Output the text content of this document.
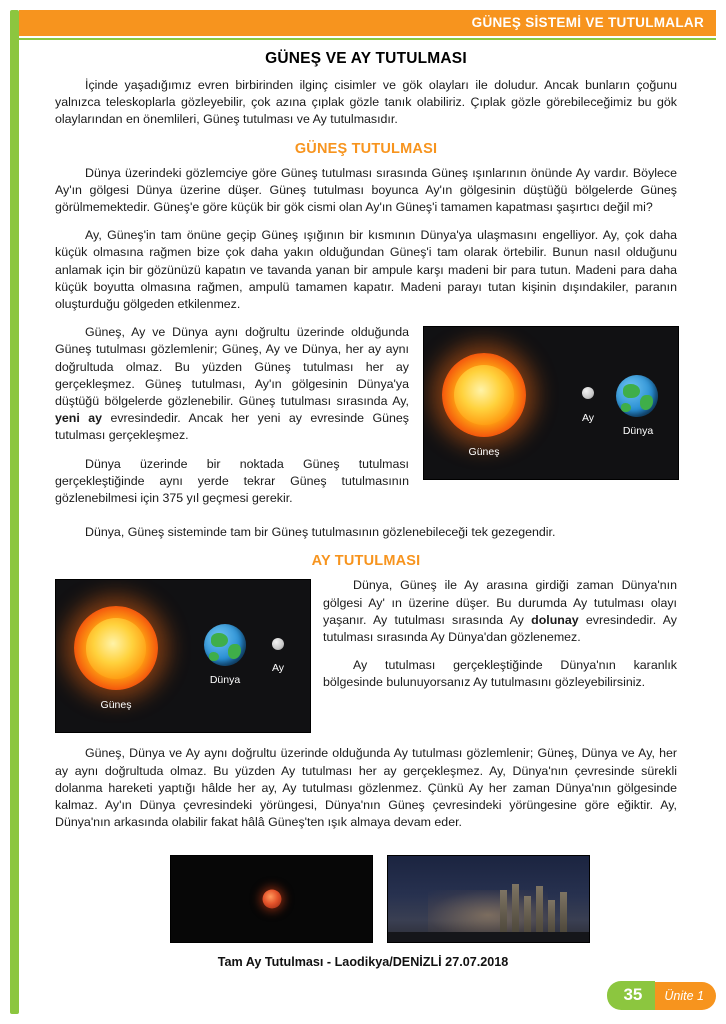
GÜNEŞ SİSTEMİ VE TUTULMALAR
GÜNEŞ VE AY TUTULMASI

İçinde yaşadığımız evren birbirinden ilginç cisimler ve gök olayları ile doludur. Ancak bunların çoğunu yalnızca teleskoplarla gözleyebilir, çok azına çıplak gözle tanık olabiliriz. Çıplak gözle görebileceğimiz bu gök olaylarından en önemlileri, Güneş tutulması ve Ay tutulmasıdır.

GÜNEŞ TUTULMASI

Dünya üzerindeki gözlemciye göre Güneş tutulması sırasında Güneş ışınlarının önünde Ay vardır. Böylece Ay'ın gölgesi Dünya üzerine düşer. Güneş tutulması boyunca Ay'ın gölgesinin düştüğü bölgelerde Güneş görülmemektedir. Güneş'e göre küçük bir gök cismi olan Ay'ın Güneş'i tamamen kapatması şaşırtıcı değil mi?

Ay, Güneş'in tam önüne geçip Güneş ışığının bir kısmının Dünya'ya ulaşmasını engelliyor. Ay, çok daha küçük olmasına rağmen bize çok daha yakın olduğundan Güneş'i tam olarak örtebilir. Bunun nasıl olduğunu anlamak için bir gözünüzü kapatın ve tavanda yanan bir ampule karşı madeni bir para tutun. Madeni para daha küçük boyutta olmasına rağmen, ampulü tamamen kapatır. Madeni parayı tutan kişinin dışındakiler, paranın oluşturduğu gölgeden etkilenmez.

Güneş
Ay
Dünya

Güneş, Ay ve Dünya aynı doğrultu üzerinde olduğunda Güneş tutulması gözlemlenir; Güneş, Ay ve Dünya, her ay aynı doğrultuda olmaz. Bu yüzden Güneş tutulması her ay gerçekleşmez. Güneş tutulması, Ay'ın gölgesinin Dünya'ya düştüğü bölgelerde gözlenebilir. Güneş tutulması sırasında Ay, yeni ay evresindedir. Ancak her yeni ay evresinde Güneş tutulması gerçekleşmez.

Dünya üzerinde bir noktada Güneş tutulması gerçekleştiğinde aynı yerde tekrar Güneş tutulmasının gözlenebilmesi için 375 yıl geçmesi gerekir.

Dünya, Güneş sisteminde tam bir Güneş tutulmasının gözlenebileceği tek gezegendir.

AY TUTULMASI
Güneş
Dünya
Ay

Dünya, Güneş ile Ay arasına girdiği zaman Dünya'nın gölgesi Ay' ın üzerine düşer. Bu durumda Ay tutulması olayı yaşanır. Ay tutulması sırasında Ay dolunay evresindedir. Ay tutulması sırasında Ay Dünya'dan gözlenemez.

Ay tutulması gerçekleştiğinde Dünya'nın karanlık bölgesinde bulunuyorsanız Ay tutulmasını gözleyebilirsiniz.

Güneş, Dünya ve Ay aynı doğrultu üzerinde olduğunda Ay tutulması gözlemlenir; Güneş, Dünya ve Ay, her ay aynı doğrultuda olmaz. Bu yüzden Ay tutulması her ay gerçekleşmez. Ay, Dünya'nın çevresinde sürekli dolanma hareketi yaptığı hâlde her ay, Ay tutulması gözlenmez. Çünkü Ay her zaman Dünya'nın gölgesinde kalmaz. Ay'ın Dünya çevresindeki yörüngesi, Dünya'nın Güneş çevresindeki yörüngesine göre eğiktir. Ay, Dünya'nın arkasında olabilir fakat hâlâ Güneş'ten ışık almaya devam eder.

Tam Ay Tutulması - Laodikya/DENİZLİ 27.07.2018
35	Ünite 1
